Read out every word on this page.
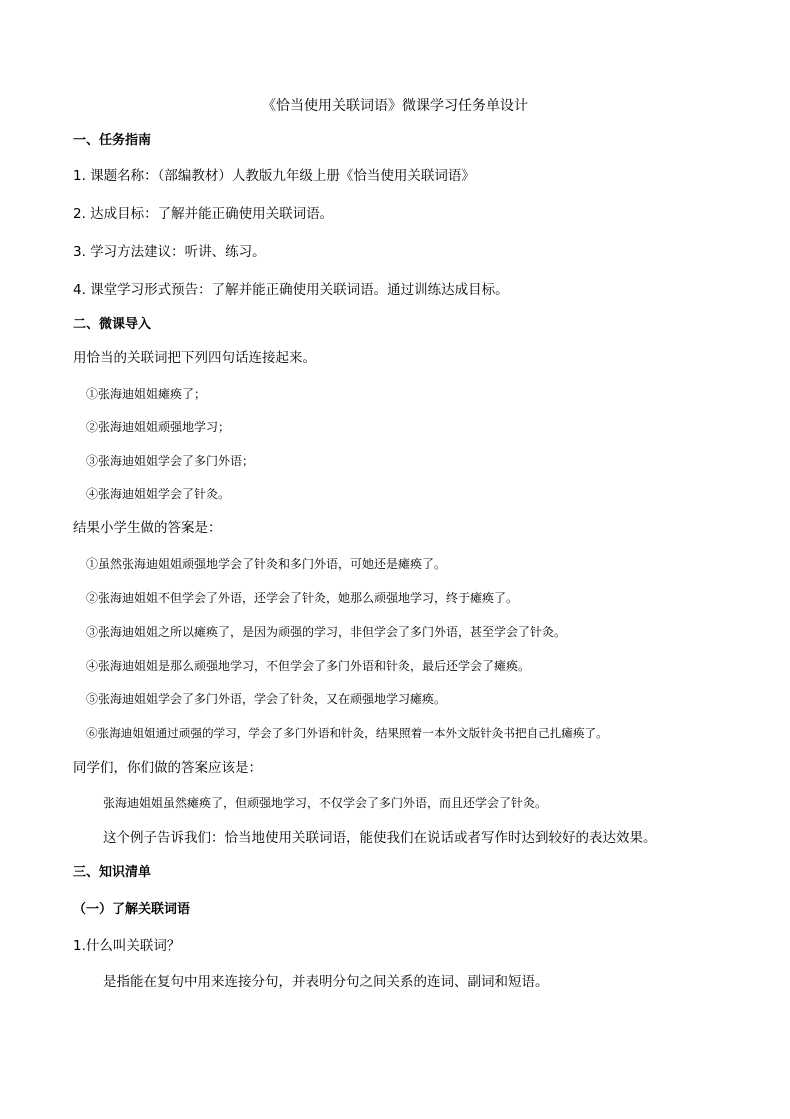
《恰当使用关联词语》微课学习任务单设计
一、任务指南
1. 课题名称：（部编教材）人教版九年级上册《恰当使用关联词语》
2. 达成目标：了解并能正确使用关联词语。
3. 学习方法建议：听讲、练习。
4. 课堂学习形式预告：了解并能正确使用关联词语。通过训练达成目标。
二、微课导入
用恰当的关联词把下列四句话连接起来。
①张海迪姐姐瘫痪了；
②张海迪姐姐顽强地学习；
③张海迪姐姐学会了多门外语；
④张海迪姐姐学会了针灸。
结果小学生做的答案是：
①虽然张海迪姐姐顽强地学会了针灸和多门外语，可她还是瘫痪了。
②张海迪姐姐不但学会了外语，还学会了针灸，她那么顽强地学习，终于瘫痪了。
③张海迪姐姐之所以瘫痪了，是因为顽强的学习，非但学会了多门外语，甚至学会了针灸。
④张海迪姐姐是那么顽强地学习，不但学会了多门外语和针灸，最后还学会了瘫痪。
⑤张海迪姐姐学会了多门外语，学会了针灸，又在顽强地学习瘫痪。
⑥张海迪姐姐通过顽强的学习，学会了多门外语和针灸，结果照着一本外文版针灸书把自己扎瘫痪了。
同学们，你们做的答案应该是：
张海迪姐姐虽然瘫痪了，但顽强地学习，不仅学会了多门外语，而且还学会了针灸。
这个例子告诉我们：恰当地使用关联词语，能使我们在说话或者写作时达到较好的表达效果。
三、知识清单
（一）了解关联词语
1.什么叫关联词？
是指能在复句中用来连接分句，并表明分句之间关系的连词、副词和短语。
